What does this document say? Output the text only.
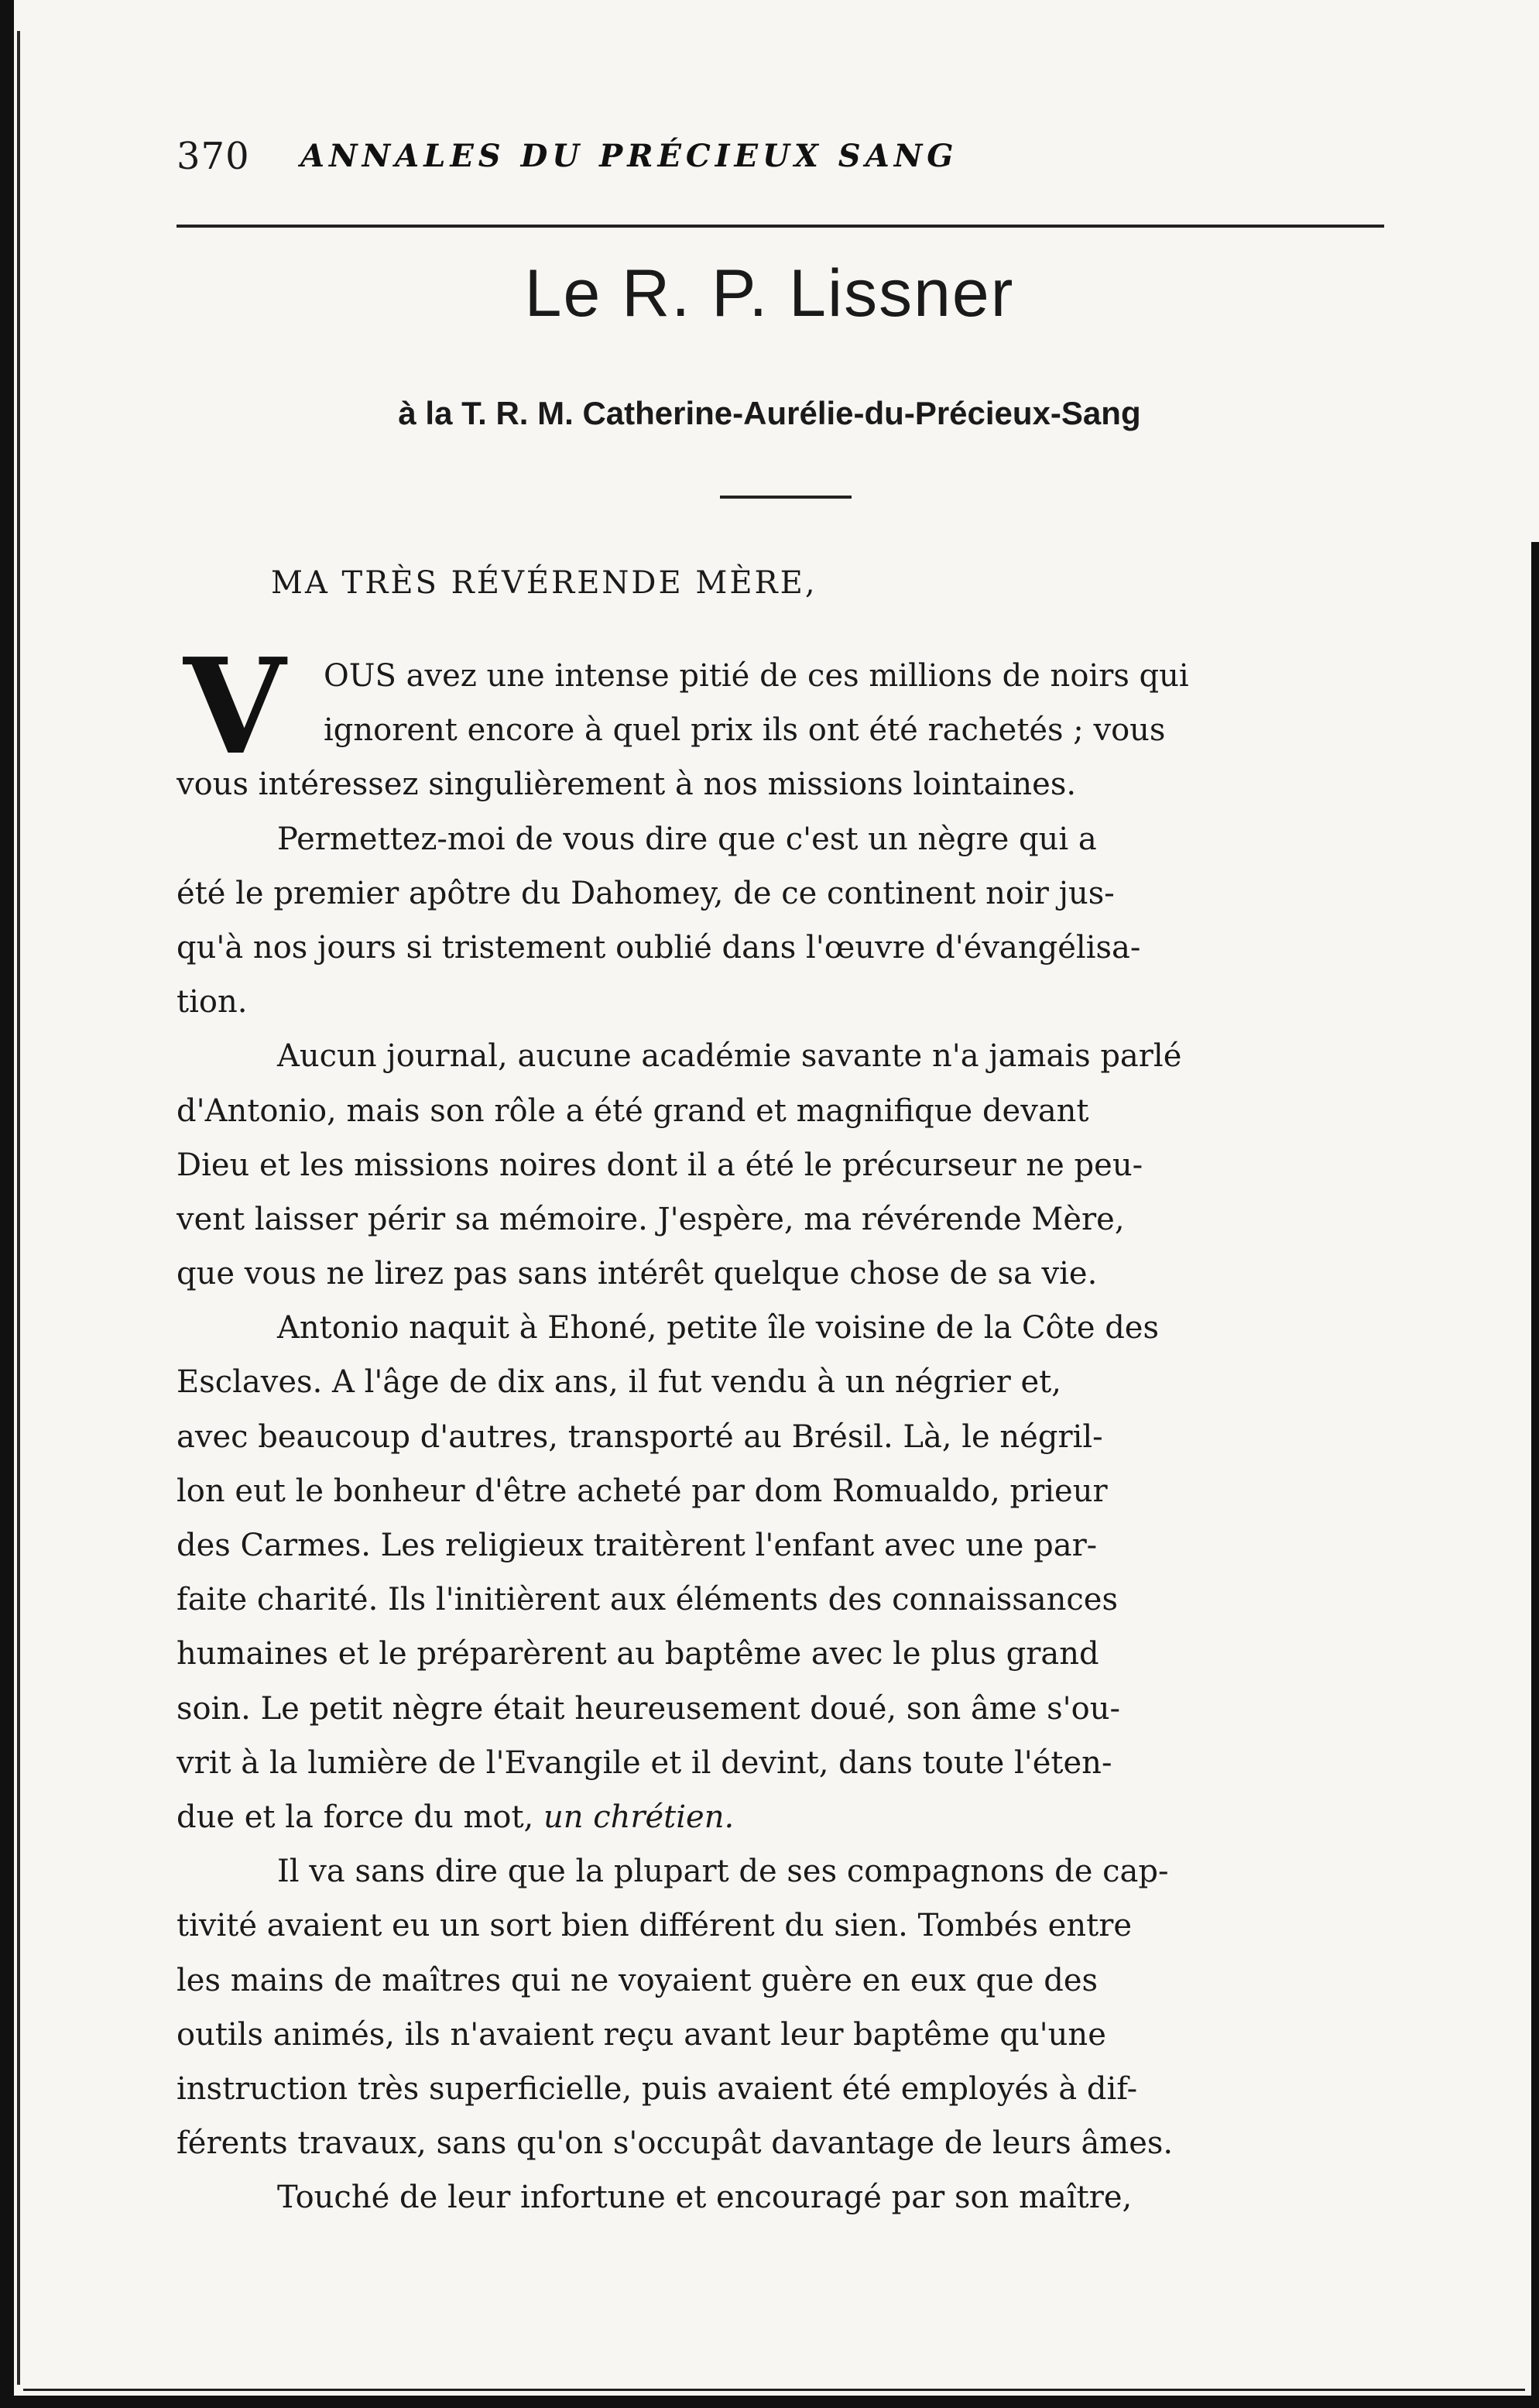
370 ANNALES DU PRÉCIEUX SANG
Le R. P. Lissner
à la T. R. M. Catherine-Aurélie-du-Précieux-Sang
MA TRÈS RÉVÉRENDE MÈRE,
V	OUS avez une intense pitié de ces millions de noirs qui
ignorent encore à quel prix ils ont été rachetés ; vous
vous intéressez singulièrement à nos missions lointaines.
Permettez-moi de vous dire que c'est un nègre qui a
été le premier apôtre du Dahomey, de ce continent noir jus-
qu'à nos jours si tristement oublié dans l'œuvre d'évangélisa-
tion.
Aucun journal, aucune académie savante n'a jamais parlé
d'Antonio, mais son rôle a été grand et magnifique devant
Dieu et les missions noires dont il a été le précurseur ne peu-
vent laisser périr sa mémoire. J'espère, ma révérende Mère,
que vous ne lirez pas sans intérêt quelque chose de sa vie.
Antonio naquit à Ehoné, petite île voisine de la Côte des
Esclaves. A l'âge de dix ans, il fut vendu à un négrier et,
avec beaucoup d'autres, transporté au Brésil. Là, le négril-
lon eut le bonheur d'être acheté par dom Romualdo, prieur
des Carmes. Les religieux traitèrent l'enfant avec une par-
faite charité. Ils l'initièrent aux éléments des connaissances
humaines et le préparèrent au baptême avec le plus grand
soin. Le petit nègre était heureusement doué, son âme s'ou-
vrit à la lumière de l'Evangile et il devint, dans toute l'éten-
due et la force du mot, un chrétien.
Il va sans dire que la plupart de ses compagnons de cap-
tivité avaient eu un sort bien différent du sien. Tombés entre
les mains de maîtres qui ne voyaient guère en eux que des
outils animés, ils n'avaient reçu avant leur baptême qu'une
instruction très superficielle, puis avaient été employés à dif-
férents travaux, sans qu'on s'occupât davantage de leurs âmes.
Touché de leur infortune et encouragé par son maître,
